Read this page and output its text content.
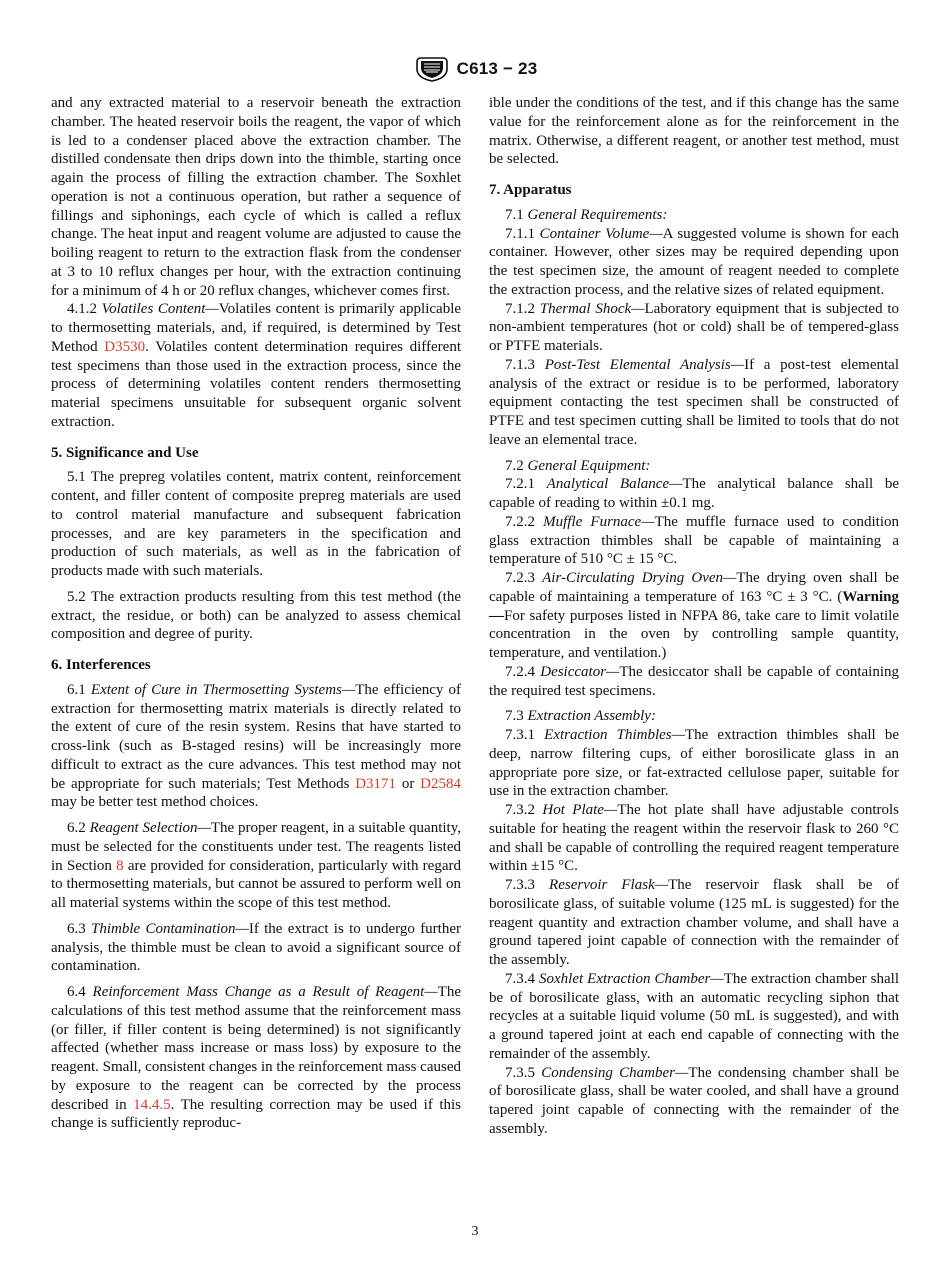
C613 − 23

and any extracted material to a reservoir beneath the extraction chamber. The heated reservoir boils the reagent, the vapor of which is led to a condenser placed above the extraction chamber. The distilled condensate then drips down into the thimble, starting once again the process of filling the extraction chamber. The Soxhlet operation is not a continuous operation, but rather a sequence of fillings and siphonings, each cycle of which is called a reflux change. The heat input and reagent volume are adjusted to cause the boiling reagent to return to the extraction flask from the condenser at 3 to 10 reflux changes per hour, with the extraction continuing for a minimum of 4 h or 20 reflux changes, whichever comes first.

4.1.2 Volatiles Content—Volatiles content is primarily applicable to thermosetting materials, and, if required, is determined by Test Method D3530. Volatiles content determination requires different test specimens than those used in the extraction process, since the process of determining volatiles content renders thermosetting material specimens unsuitable for subsequent organic solvent extraction.

5. Significance and Use

5.1 The prepreg volatiles content, matrix content, reinforcement content, and filler content of composite prepreg materials are used to control material manufacture and subsequent fabrication processes, and are key parameters in the specification and production of such materials, as well as in the fabrication of products made with such materials.

5.2 The extraction products resulting from this test method (the extract, the residue, or both) can be analyzed to assess chemical composition and degree of purity.

6. Interferences

6.1 Extent of Cure in Thermosetting Systems—The efficiency of extraction for thermosetting matrix materials is directly related to the extent of cure of the resin system. Resins that have started to cross-link (such as B-staged resins) will be increasingly more difficult to extract as the cure advances. This test method may not be appropriate for such materials; Test Methods D3171 or D2584 may be better test method choices.

6.2 Reagent Selection—The proper reagent, in a suitable quantity, must be selected for the constituents under test. The reagents listed in Section 8 are provided for consideration, particularly with regard to thermosetting materials, but cannot be assured to perform well on all material systems within the scope of this test method.

6.3 Thimble Contamination—If the extract is to undergo further analysis, the thimble must be clean to avoid a significant source of contamination.

6.4 Reinforcement Mass Change as a Result of Reagent—The calculations of this test method assume that the reinforcement mass (or filler, if filler content is being determined) is not significantly affected (whether mass increase or mass loss) by exposure to the reagent. Small, consistent changes in the reinforcement mass caused by exposure to the reagent can be corrected by the process described in 14.4.5. The resulting correction may be used if this change is sufficiently reproduc-

ible under the conditions of the test, and if this change has the same value for the reinforcement alone as for the reinforcement in the matrix. Otherwise, a different reagent, or another test method, must be selected.

7. Apparatus

7.1 General Requirements:

7.1.1 Container Volume—A suggested volume is shown for each container. However, other sizes may be required depending upon the test specimen size, the amount of reagent needed to complete the extraction process, and the relative sizes of related equipment.

7.1.2 Thermal Shock—Laboratory equipment that is subjected to non-ambient temperatures (hot or cold) shall be of tempered-glass or PTFE materials.

7.1.3 Post-Test Elemental Analysis—If a post-test elemental analysis of the extract or residue is to be performed, laboratory equipment contacting the test specimen shall be constructed of PTFE and test specimen cutting shall be limited to tools that do not leave an elemental trace.

7.2 General Equipment:

7.2.1 Analytical Balance—The analytical balance shall be capable of reading to within ±0.1 mg.

7.2.2 Muffle Furnace—The muffle furnace used to condition glass extraction thimbles shall be capable of maintaining a temperature of 510 °C ± 15 °C.

7.2.3 Air-Circulating Drying Oven—The drying oven shall be capable of maintaining a temperature of 163 °C ± 3 °C. (Warning—For safety purposes listed in NFPA 86, take care to limit volatile concentration in the oven by controlling sample quantity, temperature, and ventilation.)

7.2.4 Desiccator—The desiccator shall be capable of containing the required test specimens.

7.3 Extraction Assembly:

7.3.1 Extraction Thimbles—The extraction thimbles shall be deep, narrow filtering cups, of either borosilicate glass in an appropriate pore size, or fat-extracted cellulose paper, suitable for use in the extraction chamber.

7.3.2 Hot Plate—The hot plate shall have adjustable controls suitable for heating the reagent within the reservoir flask to 260 °C and shall be capable of controlling the required reagent temperature within ±15 °C.

7.3.3 Reservoir Flask—The reservoir flask shall be of borosilicate glass, of suitable volume (125 mL is suggested) for the reagent quantity and extraction chamber volume, and shall have a ground tapered joint capable of connection with the remainder of the assembly.

7.3.4 Soxhlet Extraction Chamber—The extraction chamber shall be of borosilicate glass, with an automatic recycling siphon that recycles at a suitable liquid volume (50 mL is suggested), and with a ground tapered joint at each end capable of connecting with the remainder of the assembly.

7.3.5 Condensing Chamber—The condensing chamber shall be of borosilicate glass, shall be water cooled, and shall have a ground tapered joint capable of connecting with the remainder of the assembly.

3
